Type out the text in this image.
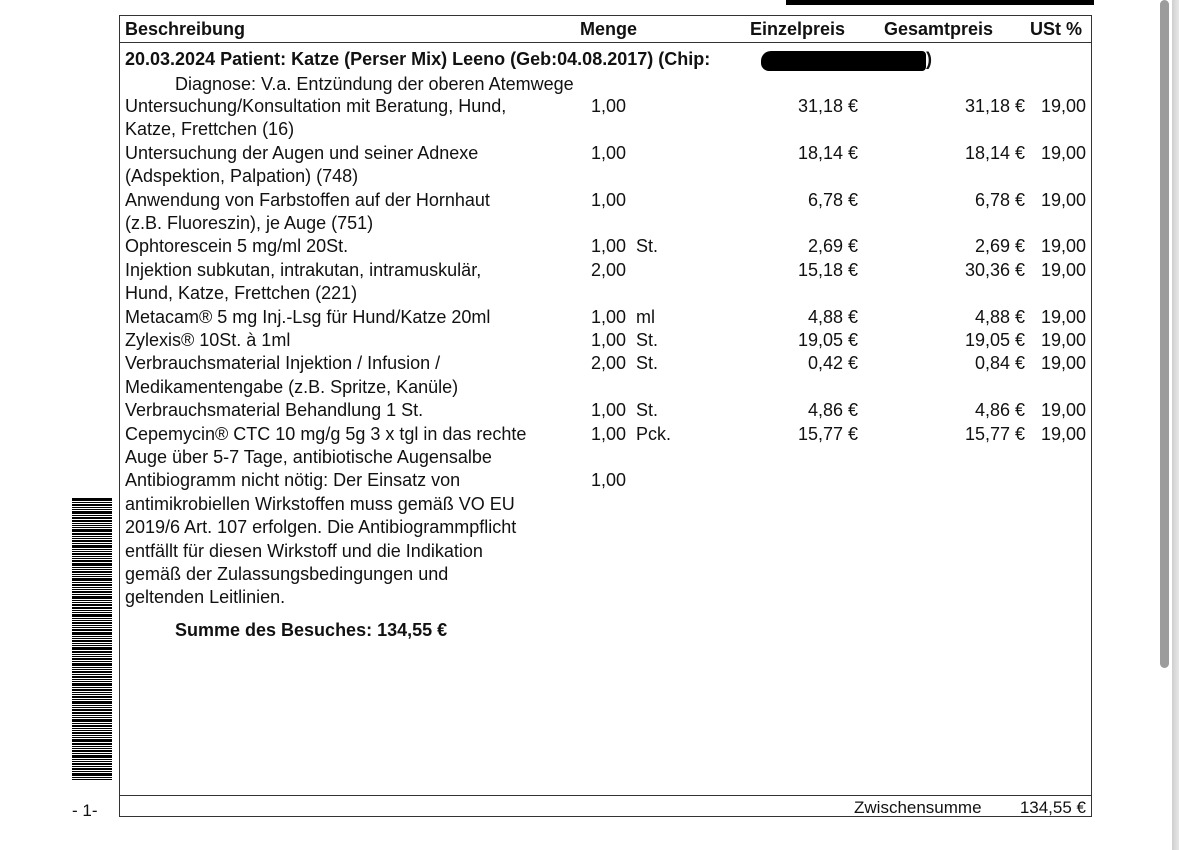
Beschreibung	Menge	Einzelpreis Gesamtpreis USt %
20.03.2024 Patient: Katze (Perser Mix) Leeno (Geb:04.08.2017) (Chip:	)
Diagnose: V.a. Entzündung der oberen Atemwege
Untersuchung/Konsultation mit Beratung, Hund,
Katze, Frettchen (16)
1,00	31,18 €	31,18 € 19,00
Untersuchung der Augen und seiner Adnexe
(Adspektion, Palpation) (748)
1,00	18,14 €	18,14 € 19,00
Anwendung von Farbstoffen auf der Hornhaut
(z.B. Fluoreszin), je Auge (751)
1,00	6,78 €	6,78 € 19,00
Ophtorescein 5 mg/ml 20St.	1,00 St.	2,69 €	2,69 € 19,00
Injektion subkutan, intrakutan, intramuskulär,
Hund, Katze, Frettchen (221)
2,00	15,18 €	30,36 € 19,00
Metacam® 5 mg Inj.-Lsg für Hund/Katze 20ml	1,00 ml	4,88 €	4,88 € 19,00
Zylexis® 10St. à 1ml	1,00 St.	19,05 €	19,05 € 19,00
Verbrauchsmaterial Injektion / Infusion /
Medikamentengabe (z.B. Spritze, Kanüle)
2,00 St.	0,42 €	0,84 € 19,00
Verbrauchsmaterial Behandlung 1 St.	1,00 St.	4,86 €	4,86 € 19,00
Cepemycin® CTC 10 mg/g 5g 3 x tgl in das rechte
Auge über 5-7 Tage, antibiotische Augensalbe
1,00 Pck.	15,77 €	15,77 € 19,00
Antibiogramm nicht nötig: Der Einsatz von
antimikrobiellen Wirkstoffen muss gemäß VO EU
2019/6 Art. 107 erfolgen. Die Antibiogrammpflicht
entfällt für diesen Wirkstoff und die Indikation
gemäß der Zulassungsbedingungen und
geltenden Leitlinien.
1,00
Summe des Besuches: 134,55 €
Zwischensumme	134,55 €
- 1-
